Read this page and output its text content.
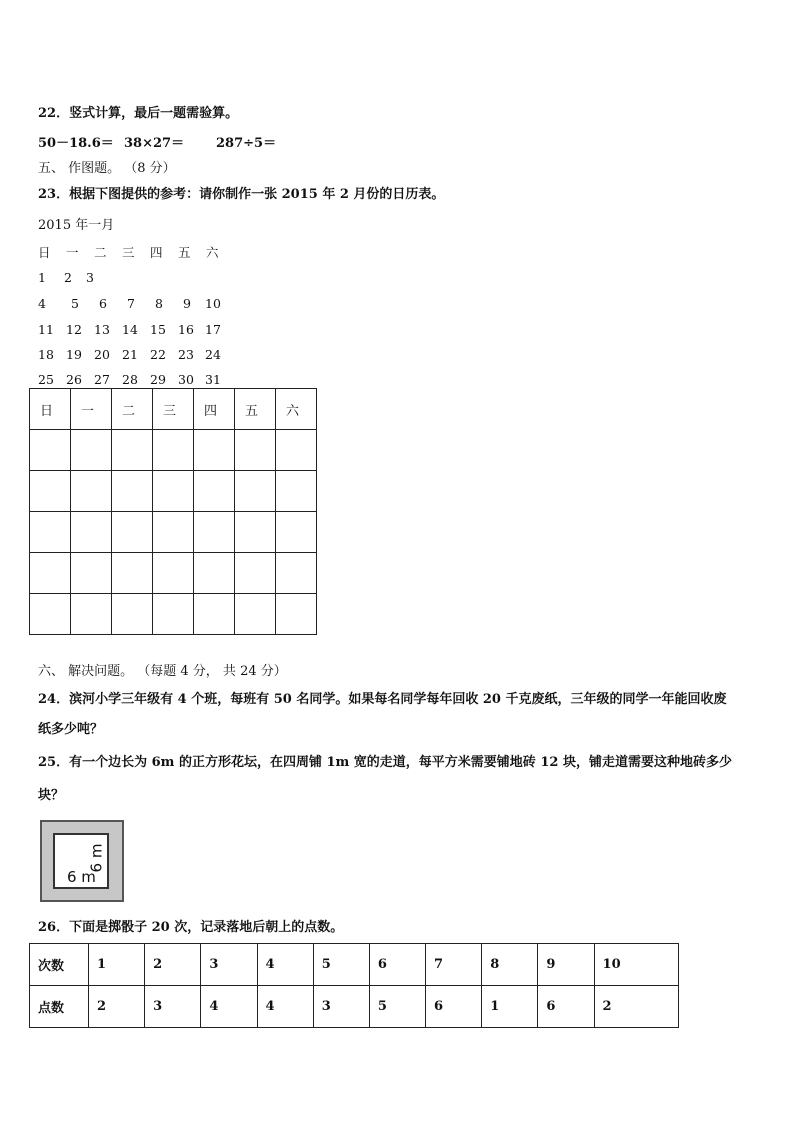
22．竖式计算，最后一题需验算。
50－18.6＝ 38×27＝ 287÷5＝
五、 作图题。 （8 分）
23．根据下图提供的参考：请你制作一张 2015 年 2 月份的日历表。
2015 年一月
日	一	二	三	四	五	六
1	2	3
4	5	6	7	8	9	10
11 12 13 14 15 16 17
18 19 20 21 22 23 24
25 26 27 28 29 30 31
日	一	二	三	四	五	六

六、 解决问题。 （每题 4 分， 共 24 分）
24．滨河小学三年级有 4 个班，每班有 50 名同学。如果每名同学每年回收 20 千克废纸，三年级的同学一年能回收废
纸多少吨？
25．有一个边长为 6m 的正方形花坛，在四周铺 1m 宽的走道，每平方米需要铺地砖 12 块，铺走道需要这种地砖多少
块？
6 m
6 m
26．下面是掷骰子 20 次，记录落地后朝上的点数。
次数	1	2	3	4	5	6	7	8	9	10
点数	2	3	4	4	3	5	6	1	6	2
